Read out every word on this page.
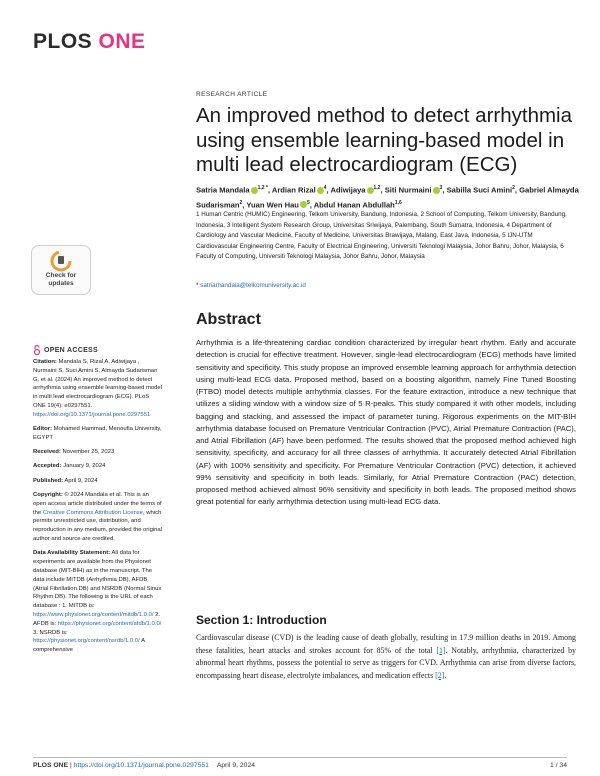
PLOS ONE
RESEARCH ARTICLE
An improved method to detect arrhythmia using ensemble learning-based model in multi lead electrocardiogram (ECG)
Satria Mandala $^{1,2 *}$, Ardian Rizal $^4$, Adiwijaya $^{1,2}$, Siti Nurmaini $^3$, Sabilla Suci Amini$^2$, Gabriel Almayda Sudarisman$^2$, Yuan Wen Hau $^5$, Abdul Hanan Abdullah$^{1,6}$
1 Human Centric (HUMIC) Engineering, Telkom University, Bandung, Indonesia, 2 School of Computing, Telkom University, Bandung, Indonesia, 3 Intelligent System Research Group, Universitas Sriwijaya, Palembang, South Sumatra, Indonesia, 4 Department of Cardiology and Vascular Medicine, Faculty of Medicine, Universitas Brawijaya, Malang, East Java, Indonesia, 5 IJN-UTM Cardiovascular Engineering Centre, Faculty of Electrical Engineering, Universiti Teknologi Malaysia, Johor Bahru, Johor, Malaysia, 6 Faculty of Computing, Universiti Teknologi Malaysia, Johor Bahru, Johor, Malaysia
* satriamandala@telkomuniversity.ac.id
Check for
updates
OPEN ACCESS

Citation: Mandala S, Rizal A, Adiwijaya , Nurmaini S, Suci Amini S, Almayda Sudarisman G, et al. (2024) An improved method to detect arrhythmia using ensemble learning-based model in multi lead electrocardiogram (ECG). PLoS ONE 19(4): e0297551. https://doi.org/10.1371/journal.pone.0297551

Editor: Mohamed Hammad, Menoufia University, EGYPT

Received: November 25, 2023

Accepted: January 9, 2024

Published: April 9, 2024

Copyright: © 2024 Mandala et al. This is an open access article distributed under the terms of the Creative Commons Attribution License, which permits unrestricted use, distribution, and reproduction in any medium, provided the original author and source are credited.

Data Availability Statement: All data for experiments are available from the Physionet database (MIT-BIH) as in the manuscript. The data include MITDB (Arrhythmia DB), AFDB (Atrial Fibrillation DB) and NSRDB (Normal Sinus Rhythm DB). The following is the URL of each database : 1. MITDB is: https://www.physionet.org/content/mitdb/1.0.0/ 2. AFDB is: https://physionet.org/content/afdb/1.0.0/ 3. NSRDB is: https://physionet.org/content/nsrdb/1.0.0/ A comprehensive

Abstract

Arrhythmia is a life-threatening cardiac condition characterized by irregular heart rhythm. Early and accurate detection is crucial for effective treatment. However, single-lead electrocardiogram (ECG) methods have limited sensitivity and specificity. This study propose an improved ensemble learning approach for arrhythmia detection using multi-lead ECG data. Proposed method, based on a boosting algorithm, namely Fine Tuned Boosting (FTBO) model detects multiple arrhythmia classes. For the feature extraction, introduce a new technique that utilizes a sliding window with a window size of 5 R-peaks. This study compared it with other models, including bagging and stacking, and assessed the impact of parameter tuning. Rigorous experiments on the MIT-BIH arrhythmia database focused on Premature Ventricular Contraction (PVC), Atrial Premature Contraction (PAC), and Atrial Fibrillation (AF) have been performed. The results showed that the proposed method achieved high sensitivity, specificity, and accuracy for all three classes of arrhythmia. It accurately detected Atrial Fibrillation (AF) with 100% sensitivity and specificity. For Premature Ventricular Contraction (PVC) detection, it achieved 99% sensitivity and specificity in both leads. Similarly, for Atrial Premature Contraction (PAC) detection, proposed method achieved almost 96% sensitivity and specificity in both leads. The proposed method shows great potential for early arrhythmia detection using multi-lead ECG data.

Section 1: Introduction

Cardiovascular disease (CVD) is the leading cause of death globally, resulting in 17.9 million deaths in 2019. Among these fatalities, heart attacks and strokes account for 85% of the total [1]. Notably, arrhythmia, characterized by abnormal heart rhythms, possess the potential to serve as triggers for CVD. Arrhythmia can arise from diverse factors, encompassing heart disease, electrolyte imbalances, and medication effects [2].

PLOS ONE | https://doi.org/10.1371/journal.pone.0297551 April 9, 2024	1 / 34
